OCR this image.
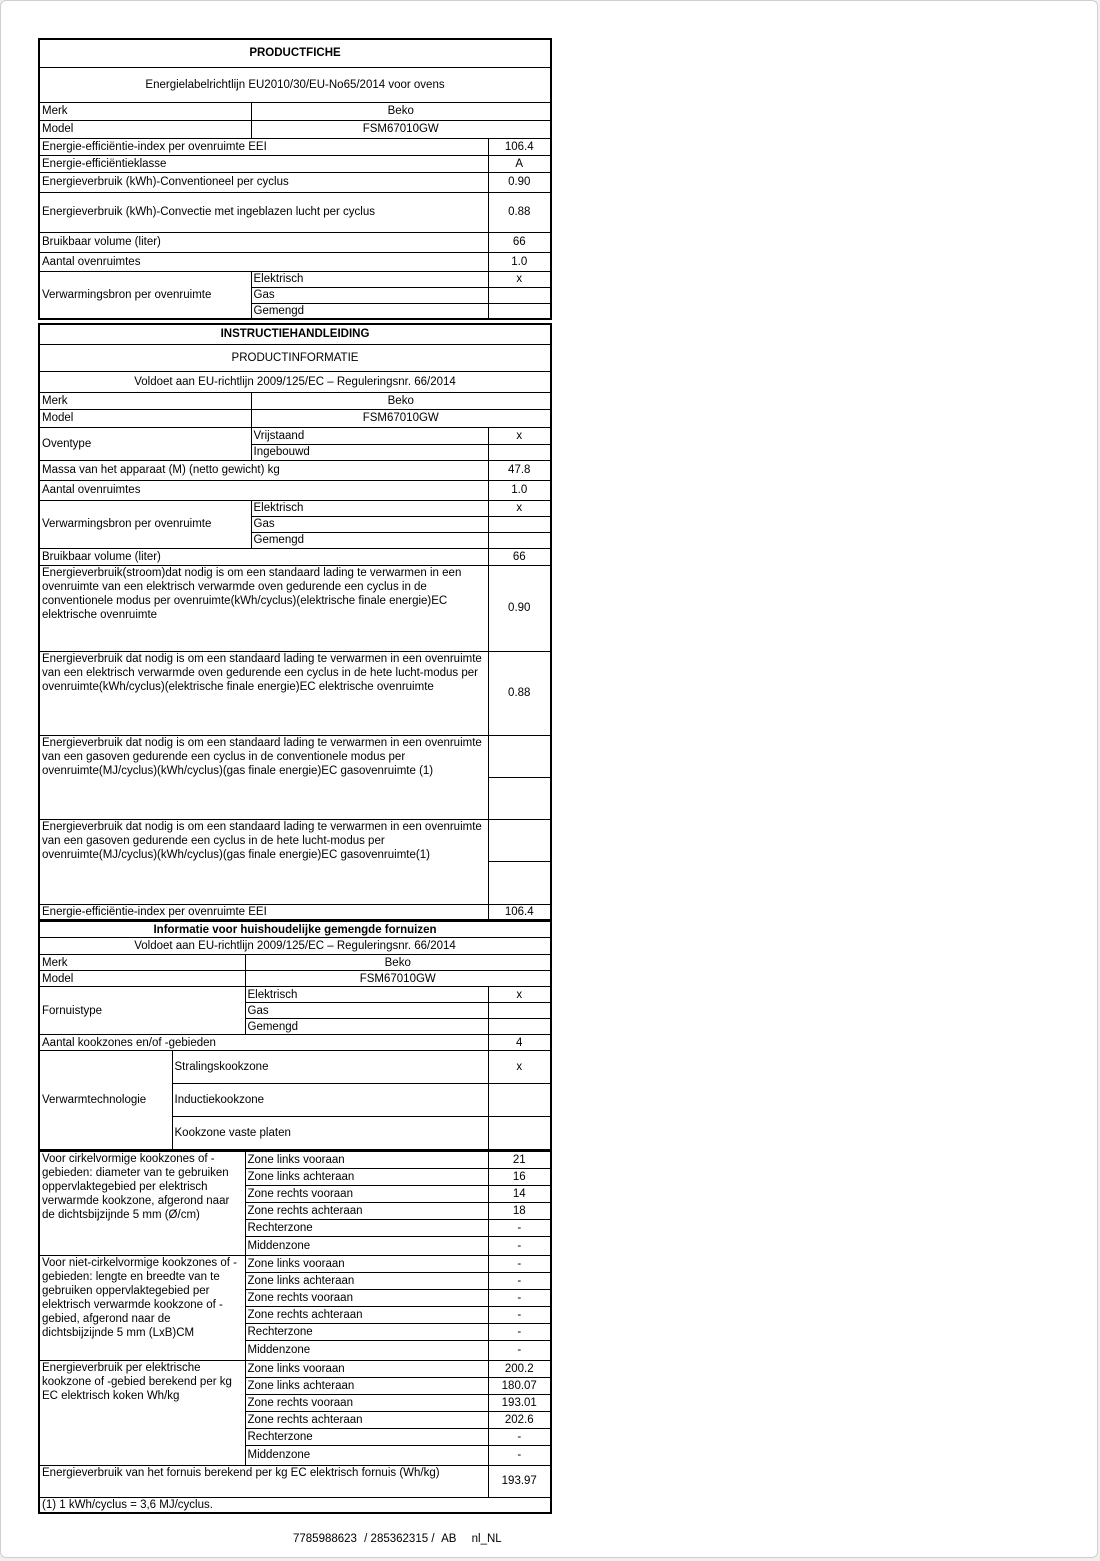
PRODUCTFICHE		
Energielabelrichtlijn EU2010/30/EU-No65/2014 voor ovens		
Merk	Beko	
Model	FSM67010GW	
Energie-efficiëntie-index per ovenruimte EEI		106.4
Energie-efficiëntieklasse		A
Energieverbruik (kWh)-Conventioneel per cyclus		0.90
Energieverbruik (kWh)-Convectie met ingeblazen lucht per cyclus		0.88
Bruikbaar volume (liter)		66
Aantal ovenruimtes		1.0
Verwarmingsbron per ovenruimte	Elektrisch	x
	Gas	
	Gemengd	
INSTRUCTIEHANDLEIDING		
PRODUCTINFORMATIE		
Voldoet aan EU-richtlijn 2009/125/EC – Reguleringsnr. 66/2014		
Merk	Beko	
Model	FSM67010GW	
Oventype	Vrijstaand	x
	Ingebouwd	
Massa van het apparaat (M) (netto gewicht) kg		47.8
Aantal ovenruimtes		1.0
Verwarmingsbron per ovenruimte	Elektrisch	x
	Gas	
	Gemengd	
Bruikbaar volume (liter)		66
Energieverbruik(stroom)dat nodig is om een standaard lading te verwarmen in een ovenruimte van een elektrisch verwarmde oven gedurende een cyclus in de conventionele modus per ovenruimte(kWh/cyclus)(elektrische finale energie)EC elektrische ovenruimte		0.90
Energieverbruik dat nodig is om een standaard lading te verwarmen in een ovenruimte van een elektrisch verwarmde oven gedurende een cyclus in de hete lucht-modus per ovenruimte(kWh/cyclus)(elektrische finale energie)EC elektrische ovenruimte		0.88
Energieverbruik dat nodig is om een standaard lading te verwarmen in een ovenruimte van een gasoven gedurende een cyclus in de conventionele modus per ovenruimte(MJ/cyclus)(kWh/cyclus)(gas finale energie)EC gasovenruimte (1)		

Energieverbruik dat nodig is om een standaard lading te verwarmen in een ovenruimte van een gasoven gedurende een cyclus in de hete lucht-modus per ovenruimte(MJ/cyclus)(kWh/cyclus)(gas finale energie)EC gasovenruimte(1)		

Energie-efficiëntie-index per ovenruimte EEI		106.4
Informatie voor huishoudelijke gemengde fornuizen			
Voldoet aan EU-richtlijn 2009/125/EC – Reguleringsnr. 66/2014			
Merk		Beko	
Model		FSM67010GW	
Fornuistype		Elektrisch	x
		Gas	
		Gemengd	
Aantal kookzones en/of -gebieden			4
Verwarmtechnologie	Stralingskookzone		x
	Inductiekookzone		
	Kookzone vaste platen		
Voor cirkelvormige kookzones of -gebieden: diameter van te gebruiken oppervlaktegebied per elektrisch verwarmde kookzone, afgerond naar de dichtsbijzijnde 5 mm (Ø/cm)	Zone links vooraan	21
	Zone links achteraan	16
	Zone rechts vooraan	14
	Zone rechts achteraan	18
	Rechterzone	-
	Middenzone	-
Voor niet-cirkelvormige kookzones of -gebieden: lengte en breedte van te gebruiken oppervlaktegebied per elektrisch verwarmde kookzone of -gebied, afgerond naar de dichtsbijzijnde 5 mm (LxB)CM	Zone links vooraan	-
	Zone links achteraan	-
	Zone rechts vooraan	-
	Zone rechts achteraan	-
	Rechterzone	-
	Middenzone	-
Energieverbruik per elektrische kookzone of -gebied berekend per kg EC elektrisch koken Wh/kg	Zone links vooraan	200.2
	Zone links achteraan	180.07
	Zone rechts vooraan	193.01
	Zone rechts achteraan	202.6
	Rechterzone	-
	Middenzone	-
Energieverbruik van het fornuis berekend per kg EC elektrisch fornuis (Wh/kg)		193.97
(1) 1 kWh/cyclus = 3,6 MJ/cyclus.		
7785988623 / 285362315 / AB nl_NL
